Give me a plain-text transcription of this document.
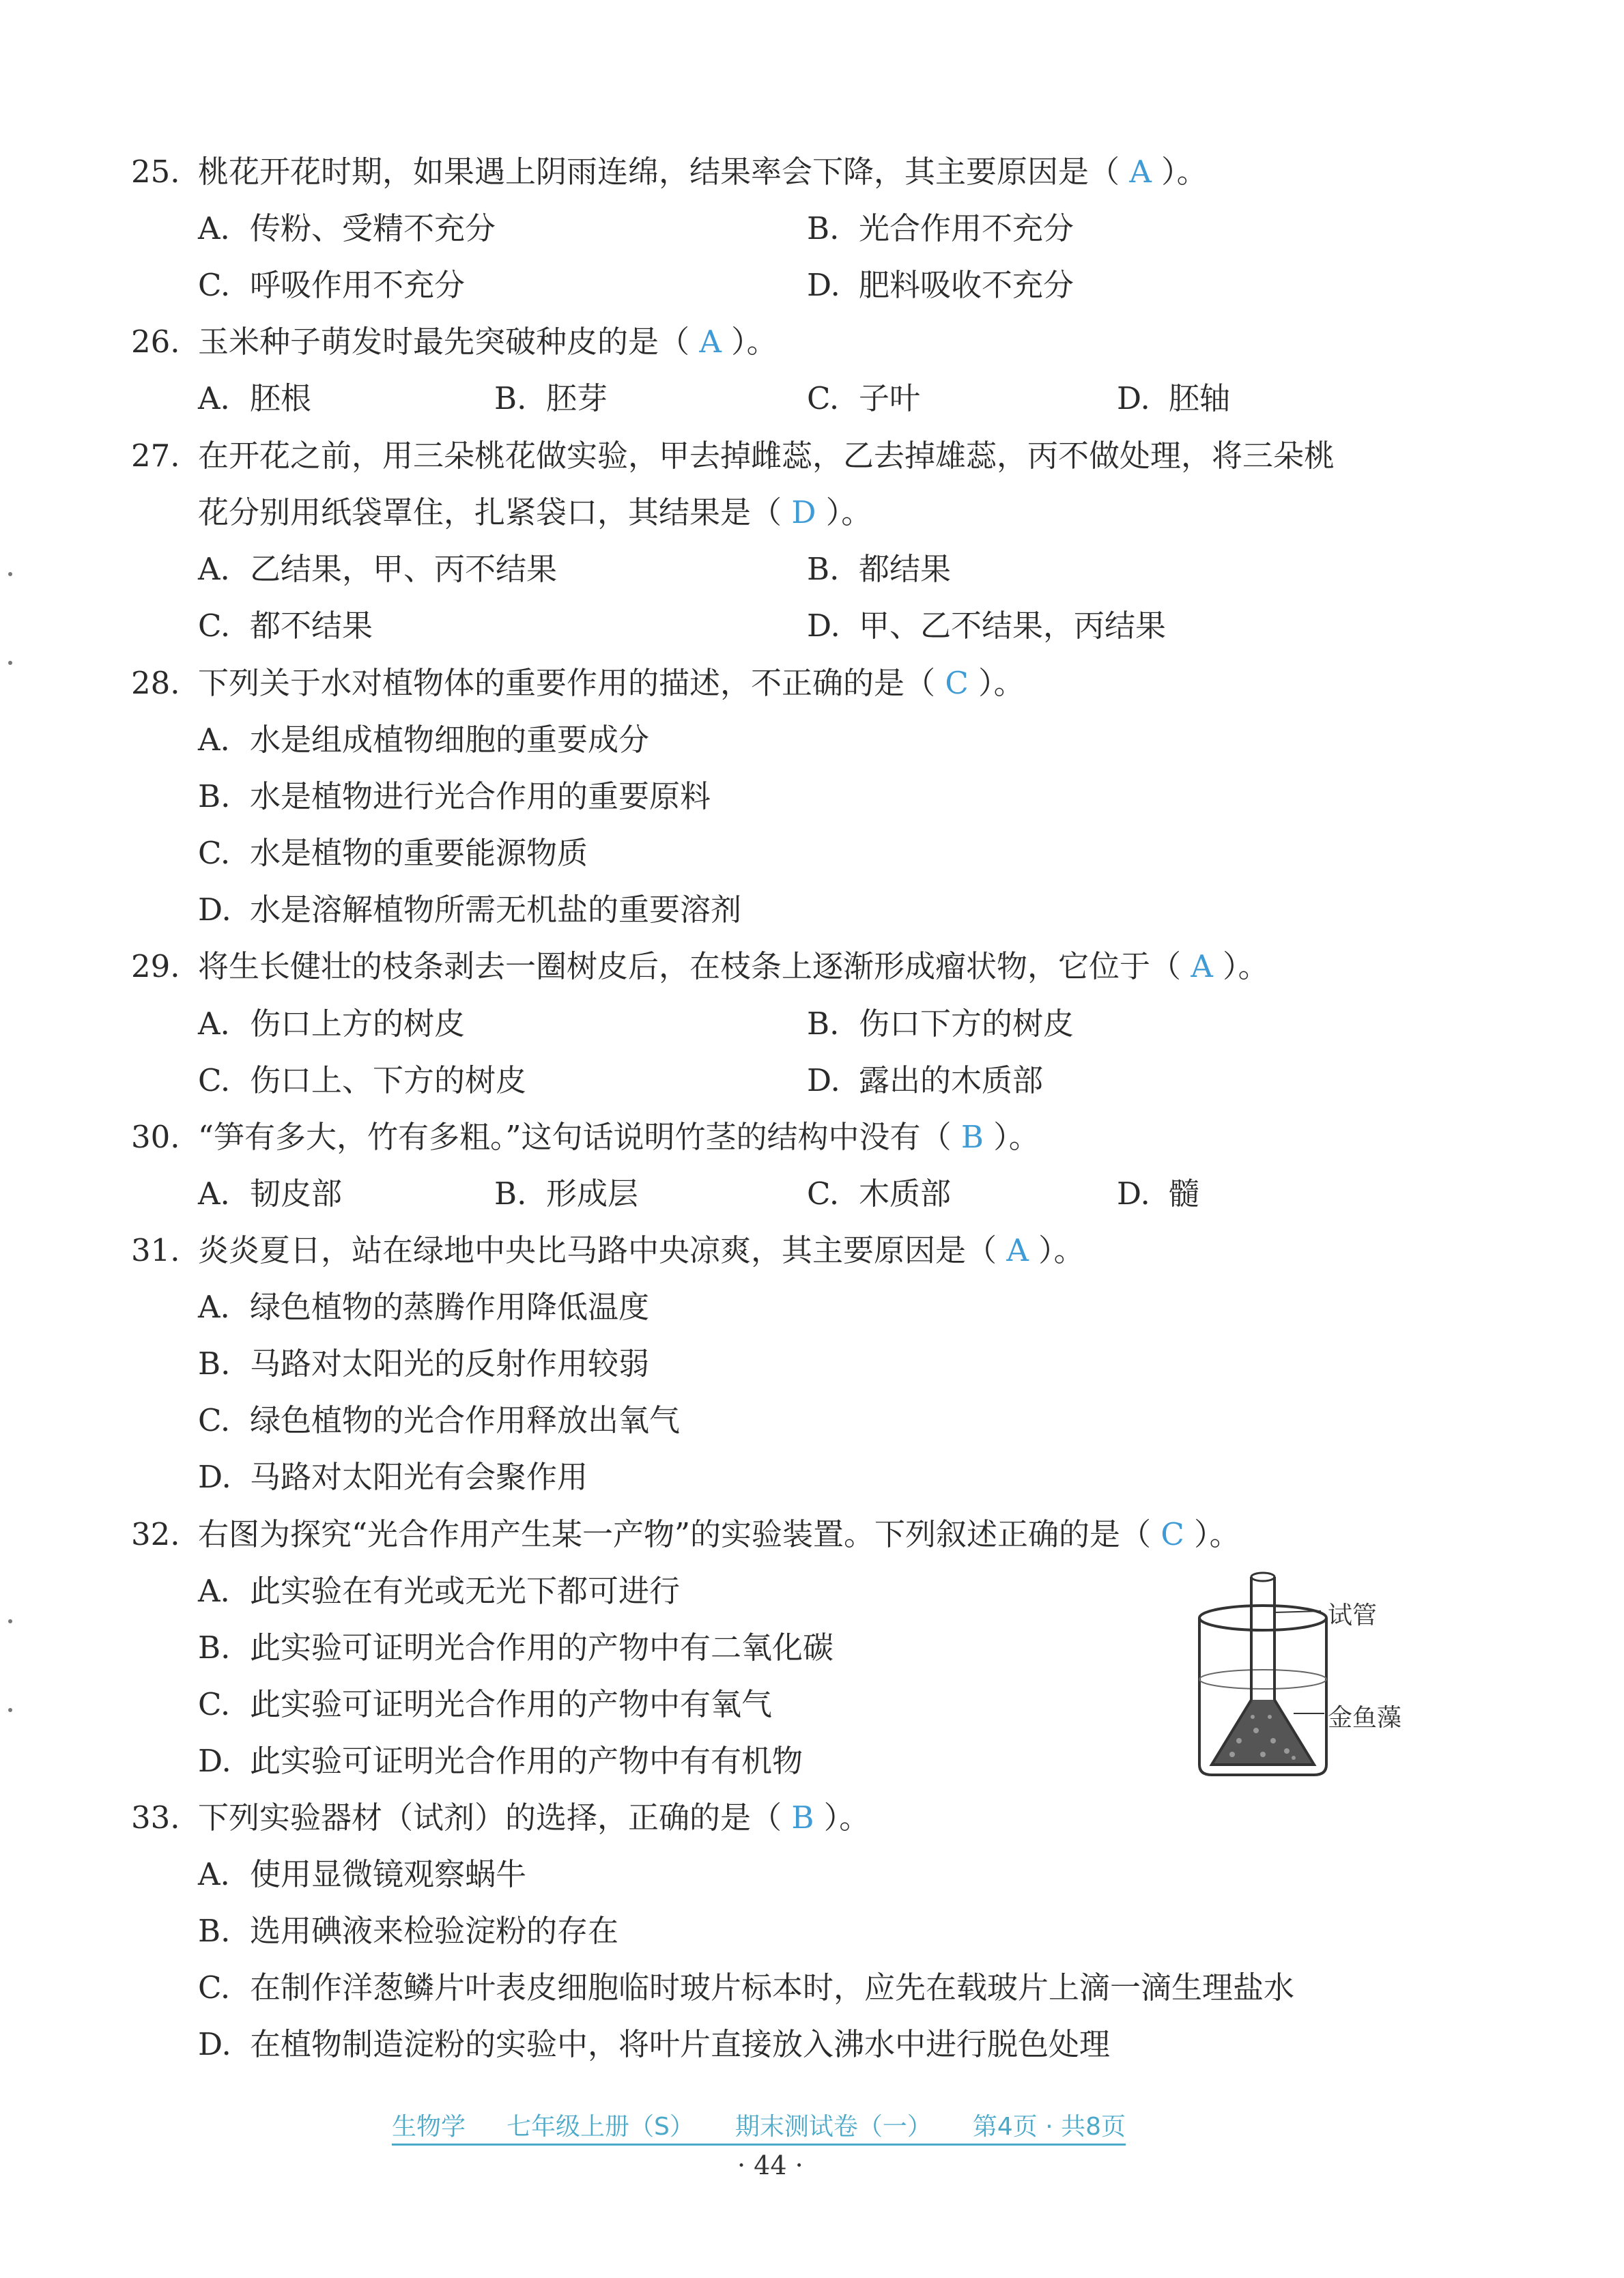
25. 桃花开花时期，如果遇上阴雨连绵，结果率会下降，其主要原因是（ A ）。
A. 传粉、受精不充分	B. 光合作用不充分
C. 呼吸作用不充分	D. 肥料吸收不充分
26. 玉米种子萌发时最先突破种皮的是（ A ）。
A. 胚根	B. 胚芽	C. 子叶	D. 胚轴
27. 在开花之前，用三朵桃花做实验，甲去掉雌蕊，乙去掉雄蕊，丙不做处理，将三朵桃
花分别用纸袋罩住，扎紧袋口，其结果是（ D ）。
A. 乙结果，甲、丙不结果	B. 都结果
C. 都不结果	D. 甲、乙不结果，丙结果
28. 下列关于水对植物体的重要作用的描述，不正确的是（ C ）。
A. 水是组成植物细胞的重要成分
B. 水是植物进行光合作用的重要原料
C. 水是植物的重要能源物质
D. 水是溶解植物所需无机盐的重要溶剂
29. 将生长健壮的枝条剥去一圈树皮后，在枝条上逐渐形成瘤状物，它位于（ A ）。
A. 伤口上方的树皮	B. 伤口下方的树皮
C. 伤口上、下方的树皮	D. 露出的木质部
30. “笋有多大，竹有多粗。”这句话说明竹茎的结构中没有（ B ）。
A. 韧皮部	B. 形成层	C. 木质部	D. 髓
31. 炎炎夏日，站在绿地中央比马路中央凉爽，其主要原因是（ A ）。
A. 绿色植物的蒸腾作用降低温度
B. 马路对太阳光的反射作用较弱
C. 绿色植物的光合作用释放出氧气
D. 马路对太阳光有会聚作用
32. 右图为探究“光合作用产生某一产物”的实验装置。下列叙述正确的是（ C ）。
A. 此实验在有光或无光下都可进行
B. 此实验可证明光合作用的产物中有二氧化碳
C. 此实验可证明光合作用的产物中有氧气
D. 此实验可证明光合作用的产物中有有机物
试管
金鱼藻
33. 下列实验器材（试剂）的选择，正确的是（ B ）。
A. 使用显微镜观察蜗牛
B. 选用碘液来检验淀粉的存在
C. 在制作洋葱鳞片叶表皮细胞临时玻片标本时，应先在载玻片上滴一滴生理盐水
D. 在植物制造淀粉的实验中，将叶片直接放入沸水中进行脱色处理
生物学 七年级上册（S） 期末测试卷（一） 第4页 · 共8页
· 44 ·
